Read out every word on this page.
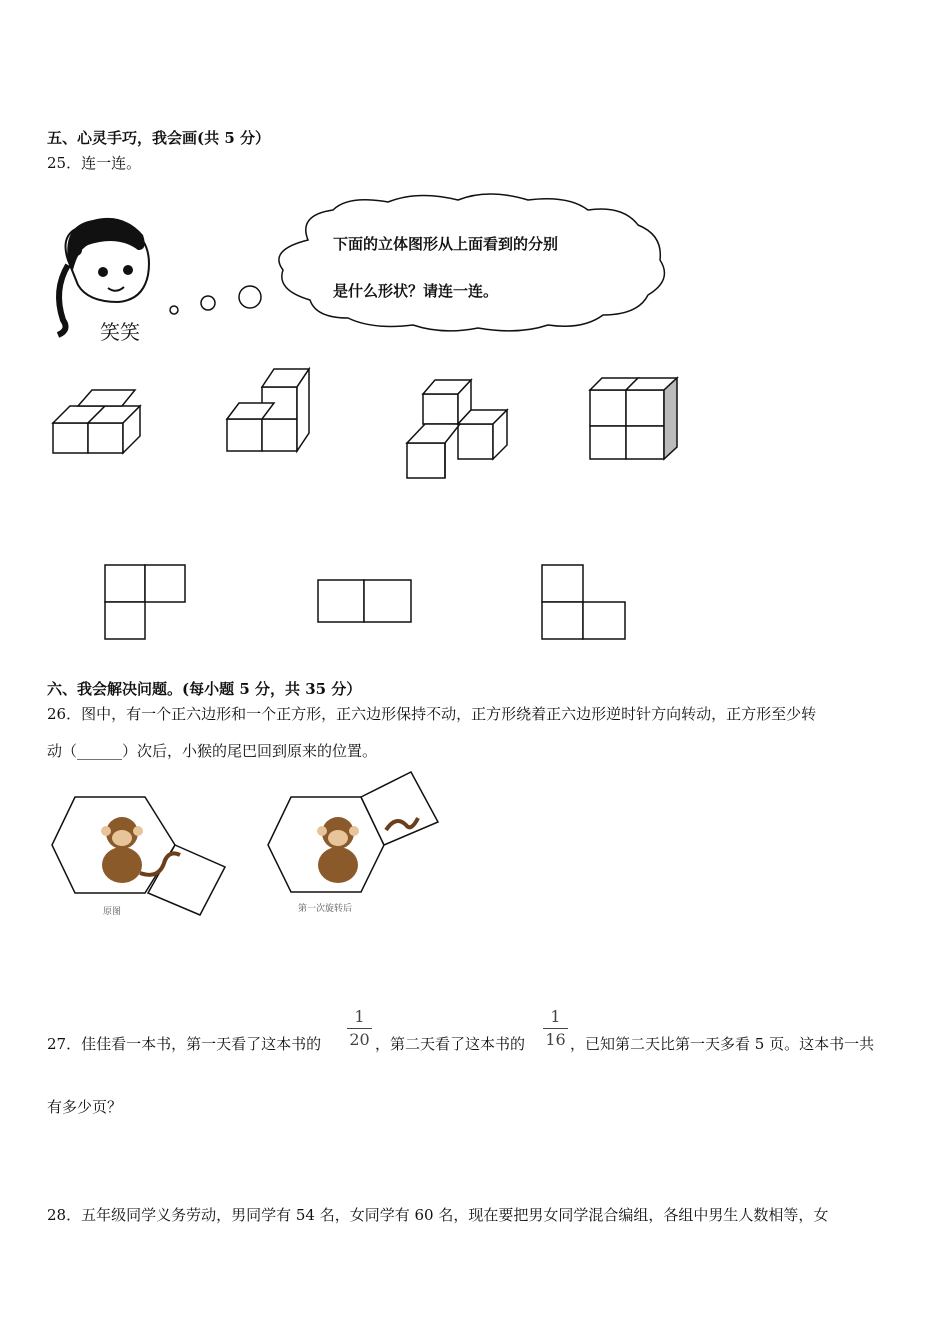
五、心灵手巧，我会画(共 5 分）
25．连一连。
下面的立体图形从上面看到的分别
是什么形状？请连一连。
笑笑
六、我会解决问题。(每小题 5 分，共 35 分）
26．图中，有一个正六边形和一个正方形，正六边形保持不动，正方形绕着正六边形逆时针方向转动，正方形至少转
动（______）次后，小猴的尾巴回到原来的位置。
原图	第一次旋转后
27．佳佳看一本书，第一天看了这本书的
1
20 ，第二天看了这本书的
1
16 ，已知第二天比第一天多看 5 页。这本书一共
有多少页？
28．五年级同学义务劳动，男同学有 54 名，女同学有 60 名，现在要把男女同学混合编组，各组中男生人数相等，女
